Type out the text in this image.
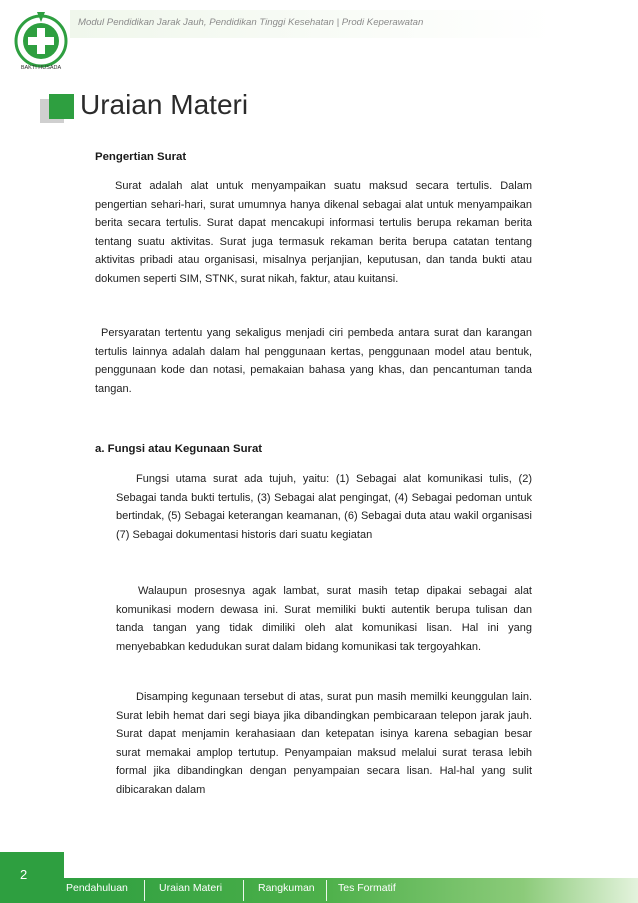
BAKTI HUSADA
Modul Pendidikan Jarak Jauh, Pendidikan Tinggi Kesehatan | Prodi Keperawatan
Uraian Materi
Pengertian Surat

Surat adalah alat untuk menyampaikan suatu maksud secara tertulis. Dalam pengertian sehari-hari, surat umumnya hanya dikenal sebagai alat untuk menyampaikan berita secara tertulis. Surat dapat mencakupi informasi tertulis berupa rekaman berita tentang suatu aktivitas. Surat juga termasuk rekaman berita berupa catatan tentang aktivitas pribadi atau organisasi, misalnya perjanjian, keputusan, dan tanda bukti atau dokumen seperti SIM, STNK, surat nikah, faktur, atau kuitansi.

Persyaratan tertentu yang sekaligus menjadi ciri pembeda antara surat dan karangan tertulis lainnya adalah dalam hal penggunaan kertas, penggunaan model atau bentuk, penggunaan kode dan notasi, pemakaian bahasa yang khas, dan pencantuman tanda tangan.

a. Fungsi atau Kegunaan Surat

Fungsi utama surat ada tujuh, yaitu: (1) Sebagai alat komunikasi tulis, (2) Sebagai tanda bukti tertulis, (3) Sebagai alat pengingat, (4) Sebagai pedoman untuk bertindak, (5) Sebagai keterangan keamanan, (6) Sebagai duta atau wakil organisasi (7) Sebagai dokumentasi historis dari suatu kegiatan

Walaupun prosesnya agak lambat, surat masih tetap dipakai sebagai alat komunikasi modern dewasa ini. Surat memiliki bukti autentik berupa tulisan dan tanda tangan yang tidak dimiliki oleh alat komunikasi lisan. Hal ini yang menyebabkan kedudukan surat dalam bidang komunikasi tak tergoyahkan.

Disamping kegunaan tersebut di atas, surat pun masih memilki keunggulan lain. Surat lebih hemat dari segi biaya jika dibandingkan pembicaraan telepon jarak jauh. Surat dapat menjamin kerahasiaan dan ketepatan isinya karena sebagian besar surat memakai amplop tertutup. Penyampaian maksud melalui surat terasa lebih formal jika dibandingkan dengan penyampaian secara lisan. Hal-hal yang sulit dibicarakan dalam

2
Pendahuluan	Uraian Materi	Rangkuman Tes Formatif
